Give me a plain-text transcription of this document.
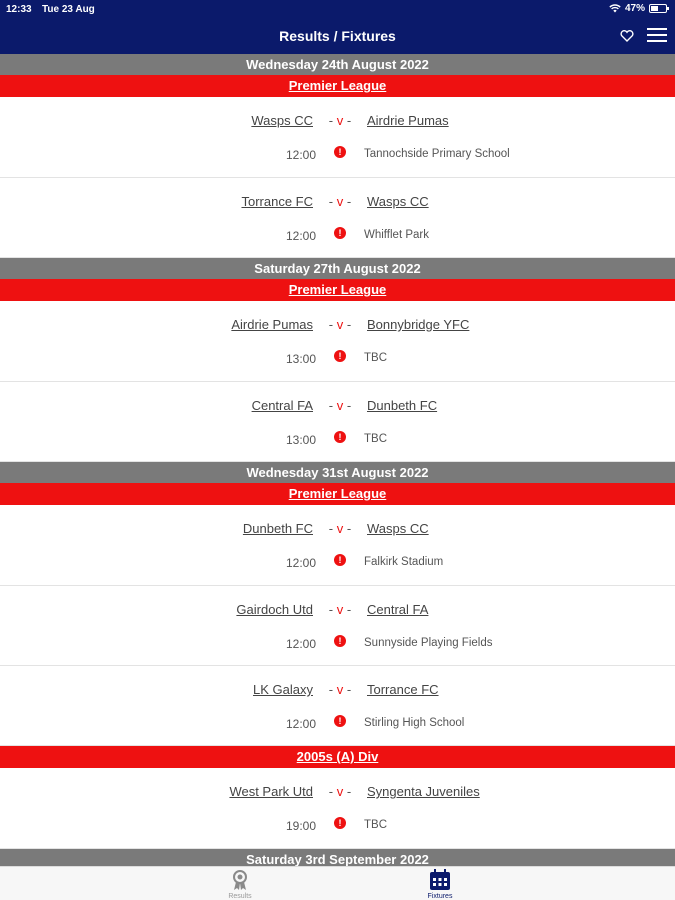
12:33 Tue 23 Aug	47%
Results / Fixtures
Wednesday 24th August 2022
Premier League
Wasps CC	- v -	Airdrie Pumas
12:00	!	Tannochside Primary School
Torrance FC	- v -	Wasps CC
12:00	!	Whifflet Park
Saturday 27th August 2022
Premier League
Airdrie Pumas	- v -	Bonnybridge YFC
13:00	!	TBC
Central FA	- v -	Dunbeth FC
13:00	!	TBC
Wednesday 31st August 2022
Premier League
Dunbeth FC	- v -	Wasps CC
12:00	!	Falkirk Stadium
Gairdoch Utd	- v -	Central FA
12:00	!	Sunnyside Playing Fields
LK Galaxy	- v -	Torrance FC
12:00	!	Stirling High School
2005s (A) Div
West Park Utd	- v -	Syngenta Juveniles
19:00	!	TBC
Saturday 3rd September 2022
Results	Fixtures
